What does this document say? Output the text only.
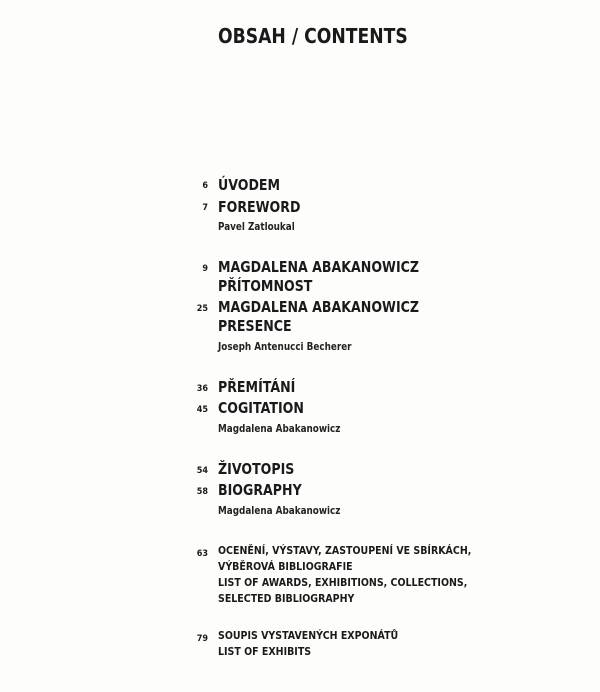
OBSAH / CONTENTS
6 ÚVODEM
7 FOREWORD
Pavel Zatloukal
9 MAGDALENA ABAKANOWICZ
PŘÍTOMNOST
25 MAGDALENA ABAKANOWICZ
PRESENCE
Joseph Antenucci Becherer
36 PŘEMÍTÁNÍ
45 COGITATION
Magdalena Abakanowicz
54 ŽIVOTOPIS
58 BIOGRAPHY
Magdalena Abakanowicz
63 OCENĚNÍ, VÝSTAVY, ZASTOUPENÍ VE SBÍRKÁCH,
VÝBĚROVÁ BIBLIOGRAFIE
LIST OF AWARDS, EXHIBITIONS, COLLECTIONS,
SELECTED BIBLIOGRAPHY
79 SOUPIS VYSTAVENÝCH EXPONÁTŮ
LIST OF EXHIBITS
